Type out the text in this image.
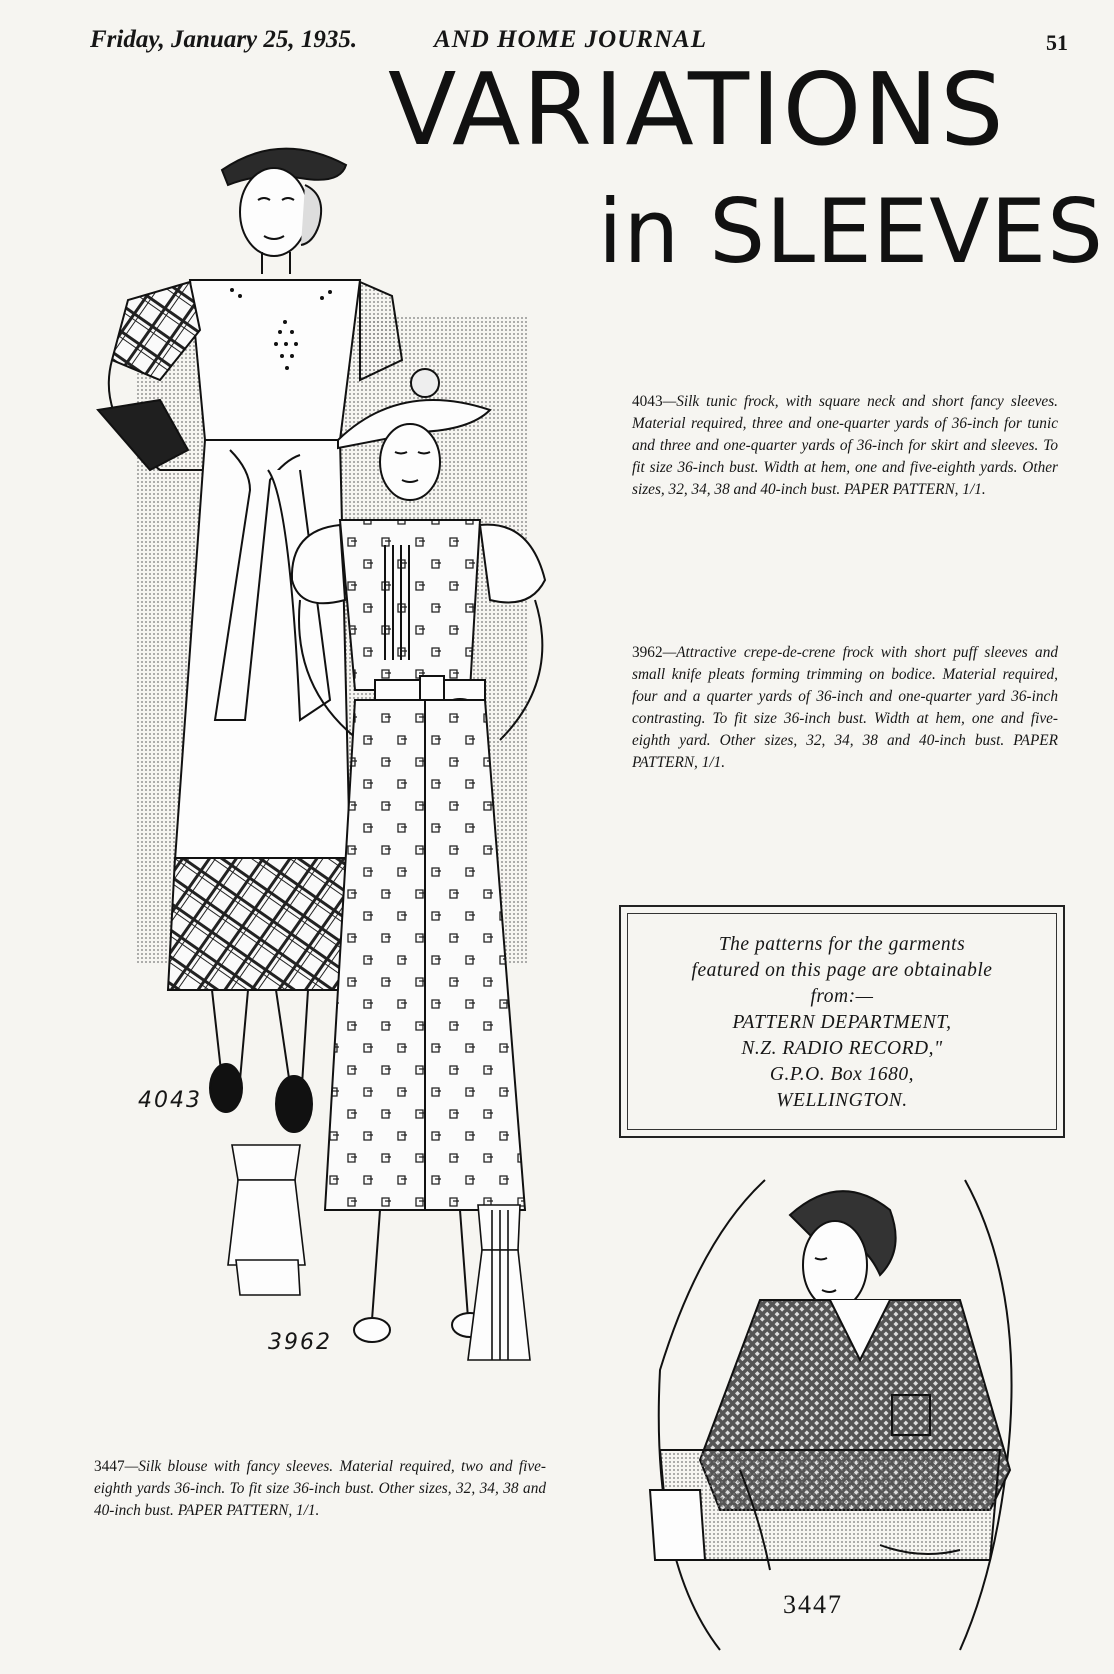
Friday, January 25, 1935.	AND HOME JOURNAL	51
VARIATIONS
in SLEEVES
4043—Silk tunic frock, with square neck and short fancy sleeves. Material required, three and one-quarter yards of 36-inch for tunic and three and one-quarter yards of 36-inch for skirt and sleeves. To fit size 36-inch bust. Width at hem, one and five-eighth yards. Other sizes, 32, 34, 38 and 40-inch bust. PAPER PATTERN, 1/1.
3962—Attractive crepe-de-crene frock with short puff sleeves and small knife pleats forming trimming on bodice. Material required, four and a quarter yards of 36-inch and one-quarter yard 36-inch contrasting. To fit size 36-inch bust. Width at hem, one and five-eighth yard. Other sizes, 32, 34, 38 and 40-inch bust. PAPER PATTERN, 1/1.
3447—Silk blouse with fancy sleeves. Material required, two and five-eighth yards 36-inch. To fit size 36-inch bust. Other sizes, 32, 34, 38 and 40-inch bust. PAPER PATTERN, 1/1.
4043
3962
3447
The patterns for the garments
featured on this page are obtainable
from:—
PATTERN DEPARTMENT,
N.Z. RADIO RECORD,"
G.P.O. Box 1680,
WELLINGTON.
